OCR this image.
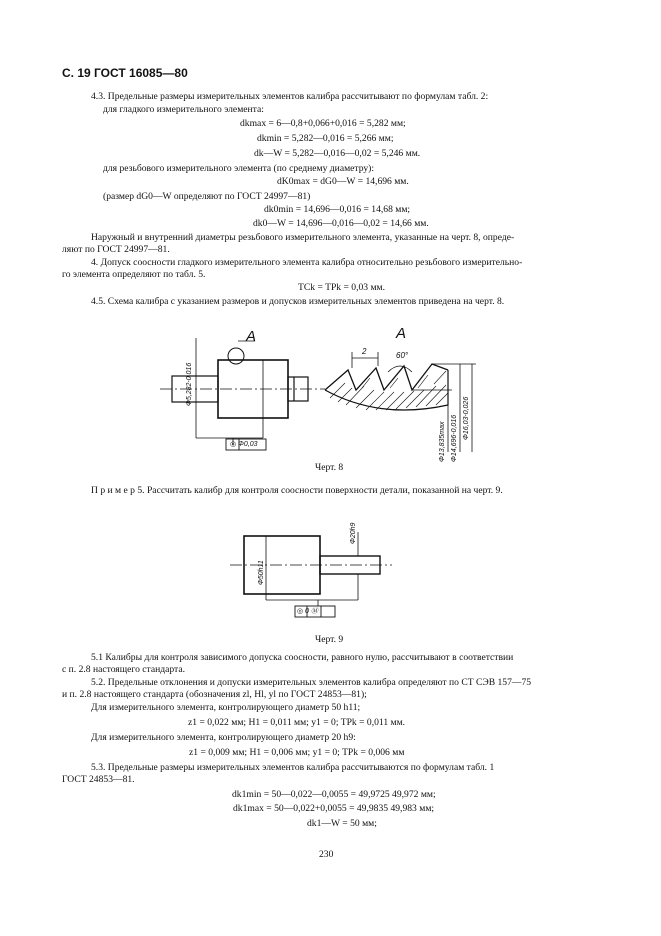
С. 19 ГОСТ 16085—80
4.3. Предельные размеры измерительных элементов калибра рассчитывают по формулам табл. 2:
для гладкого измерительного элемента:
dkmax = 6—0,8+0,066+0,016 = 5,282 мм;
dkmin = 5,282—0,016 = 5,266 мм;
dk—W = 5,282—0,016—0,02 = 5,246 мм.
для резьбового измерительного элемента (по среднему диаметру):
dK0max = dG0—W = 14,696 мм.
(размер dG0—W определяют по ГОСТ 24997—81)
dk0min = 14,696—0,016 = 14,68 мм;
dk0—W = 14,696—0,016—0,02 = 14,66 мм.
Наружный и внутренний диаметры резьбового измерительного элемента, указанные на черт. 8, опреде-
ляют по ГОСТ 24997—81.
4. Допуск соосности гладкого измерительного элемента калибра относительно резьбового измерительно-
го элемента определяют по табл. 5.
TCk = TPk = 0,03 мм.
4.5. Схема калибра с указанием размеров и допусков измерительных элементов приведена на черт. 8.
П р и м е р 5. Рассчитать калибр для контроля соосности поверхности детали, показанной на черт. 9.
5.1 Калибры для контроля зависимого допуска соосности, равного нулю, рассчитывают в соответствии
с п. 2.8 настоящего стандарта.
5.2. Предельные отклонения и допуски измерительных элементов калибра определяют по СТ СЭВ 157—75
и п. 2.8 настоящего стандарта (обозначения zl, Hl, yl по ГОСТ 24853—81);
Для измерительного элемента, контролирующего диаметр 50 h11;
z1 = 0,022 мм; H1 = 0,011 мм; y1 = 0; TPk = 0,011 мм.
Для измерительного элемента, контролирующего диаметр 20 h9:
z1 = 0,009 мм; H1 = 0,006 мм; y1 = 0; TPk = 0,006 мм
5.3. Предельные размеры измерительных элементов калибра рассчитываются по формулам табл. 1
ГОСТ 24853—81.
dk1min = 50—0,022—0,0055 = 49,9725 49,972 мм;
dk1max = 50—0,022+0,0055 = 49,9835 49,983 мм;
dk1—W = 50 мм;
А	А
Φ5,282-0,016
◎ Φ0,03
2	60°
Φ13,835max Φ14,696-0,016 Φ16,03-0,026
Черт. 8
Φ50h11
Φ20h9
◎ 0 Ⓜ
Черт. 9
230
